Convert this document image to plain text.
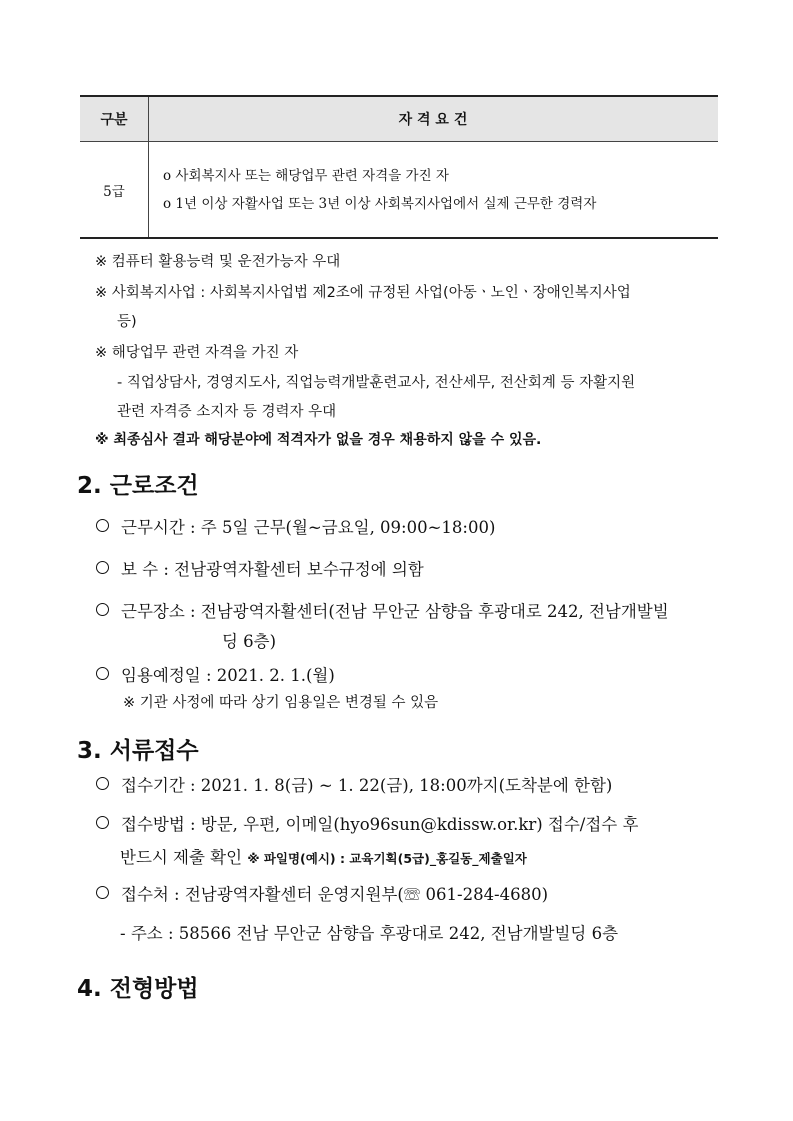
구분	자 격 요 건
5급	o 사회복지사 또는 해당업무 관련 자격을 가진 자
o 1년 이상 자활사업 또는 3년 이상 사회복지사업에서 실제 근무한 경력자
※ 컴퓨터 활용능력 및 운전가능자 우대
※ 사회복지사업 : 사회복지사업법 제2조에 규정된 사업(아동ㆍ노인ㆍ장애인복지사업
등)
※ 해당업무 관련 자격을 가진 자
- 직업상담사, 경영지도사, 직업능력개발훈련교사, 전산세무, 전산회계 등 자활지원
관련 자격증 소지자 등 경력자 우대
※ 최종심사 결과 해당분야에 적격자가 없을 경우 채용하지 않을 수 있음.
2. 근로조건
근무시간 : 주 5일 근무(월~금요일, 09:00~18:00)
보 수 : 전남광역자활센터 보수규정에 의함
근무장소 : 전남광역자활센터(전남 무안군 삼향읍 후광대로 242, 전남개발빌
딩 6층)
임용예정일 : 2021. 2. 1.(월)
※ 기관 사정에 따라 상기 임용일은 변경될 수 있음
3. 서류접수
접수기간 : 2021. 1. 8(금) ~ 1. 22(금), 18:00까지(도착분에 한함)
접수방법 : 방문, 우편, 이메일(hyo96sun@kdissw.or.kr) 접수/접수 후
반드시 제출 확인 ※ 파일명(예시) : 교육기획(5급)_홍길동_제출일자
접수처 : 전남광역자활센터 운영지원부(☏ 061-284-4680)
- 주소 : 58566 전남 무안군 삼향읍 후광대로 242, 전남개발빌딩 6층
4. 전형방법
